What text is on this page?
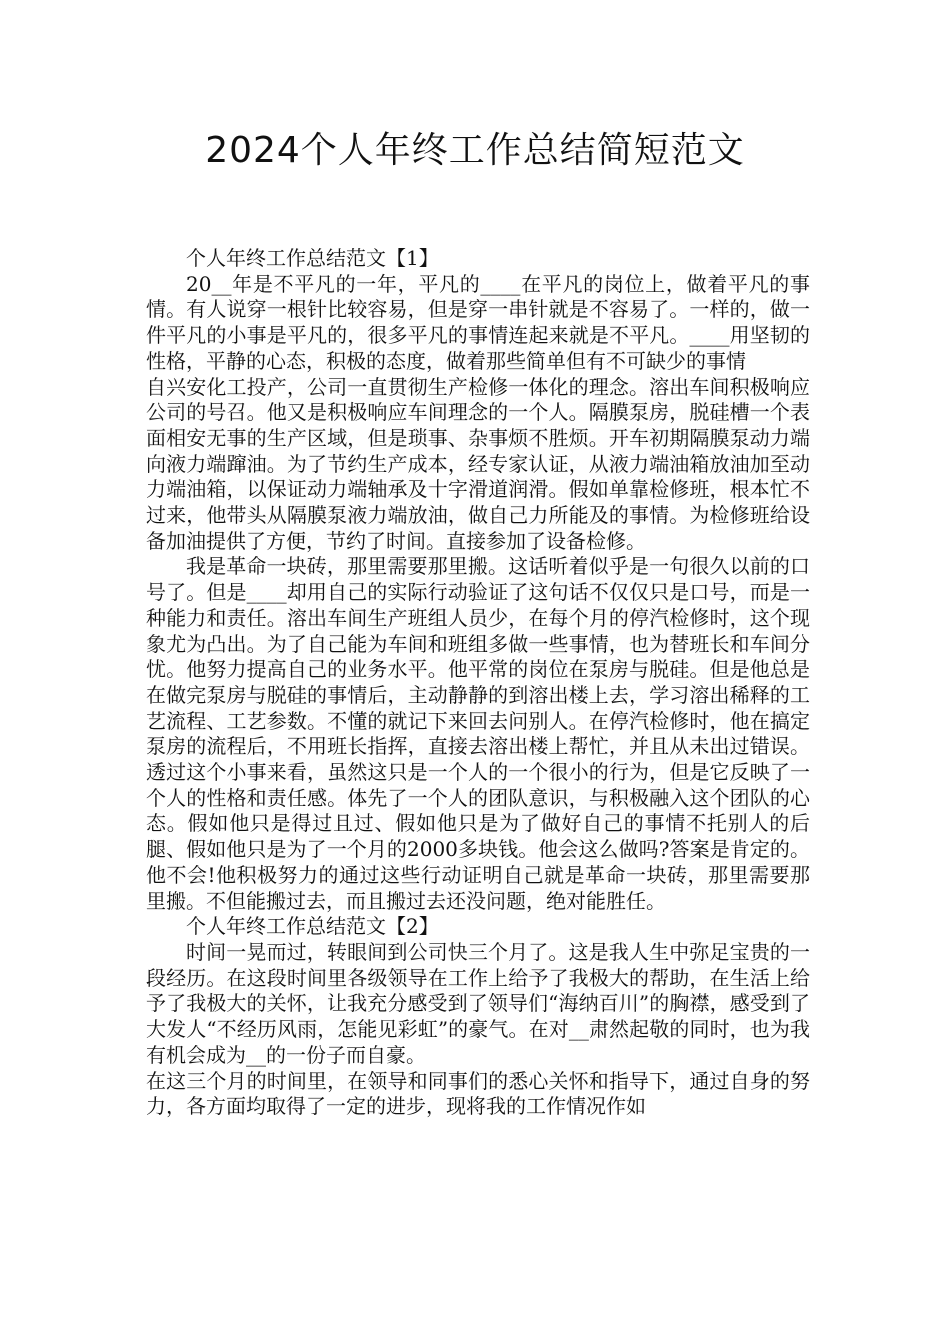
2024个人年终工作总结简短范文

个人年终工作总结范文【1】

20__年是不平凡的一年，平凡的____在平凡的岗位上，做着平凡的事情。有人说穿一根针比较容易，但是穿一串针就是不容易了。一样的，做一件平凡的小事是平凡的，很多平凡的事情连起来就是不平凡。____用坚韧的性格，平静的心态，积极的态度，做着那些简单但有不可缺少的事情

自兴安化工投产，公司一直贯彻生产检修一体化的理念。溶出车间积极响应公司的号召。他又是积极响应车间理念的一个人。隔膜泵房，脱硅槽一个表面相安无事的生产区域，但是琐事、杂事烦不胜烦。开车初期隔膜泵动力端向液力端蹿油。为了节约生产成本，经专家认证，从液力端油箱放油加至动力端油箱，以保证动力端轴承及十字滑道润滑。假如单靠检修班，根本忙不过来，他带头从隔膜泵液力端放油，做自己力所能及的事情。为检修班给设备加油提供了方便，节约了时间。直接参加了设备检修。

我是革命一块砖，那里需要那里搬。这话听着似乎是一句很久以前的口号了。但是____却用自己的实际行动验证了这句话不仅仅只是口号，而是一种能力和责任。溶出车间生产班组人员少，在每个月的停汽检修时，这个现象尤为凸出。为了自己能为车间和班组多做一些事情，也为替班长和车间分忧。他努力提高自己的业务水平。他平常的岗位在泵房与脱硅。但是他总是在做完泵房与脱硅的事情后，主动静静的到溶出楼上去，学习溶出稀释的工艺流程、工艺参数。不懂的就记下来回去问别人。在停汽检修时，他在搞定泵房的流程后，不用班长指挥，直接去溶出楼上帮忙，并且从未出过错误。透过这个小事来看，虽然这只是一个人的一个很小的行为，但是它反映了一个人的性格和责任感。体先了一个人的团队意识，与积极融入这个团队的心态。假如他只是得过且过、假如他只是为了做好自己的事情不托别人的后腿、假如他只是为了一个月的2000多块钱。他会这么做吗?答案是肯定的。他不会!他积极努力的通过这些行动证明自己就是革命一块砖，那里需要那里搬。不但能搬过去，而且搬过去还没问题，绝对能胜任。

个人年终工作总结范文【2】

时间一晃而过，转眼间到公司快三个月了。这是我人生中弥足宝贵的一段经历。在这段时间里各级领导在工作上给予了我极大的帮助，在生活上给予了我极大的关怀，让我充分感受到了领导们“海纳百川”的胸襟，感受到了大发人“不经历风雨，怎能见彩虹”的豪气。在对__肃然起敬的同时，也为我有机会成为__的一份子而自豪。

在这三个月的时间里，在领导和同事们的悉心关怀和指导下，通过自身的努力，各方面均取得了一定的进步，现将我的工作情况作如
